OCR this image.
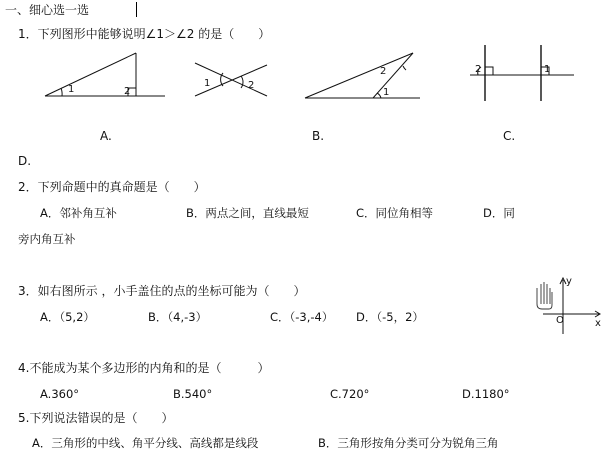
一、细心选一选
1．下列图形中能够说明∠1＞∠2 的是（　　）
1	2
1	2
2
1
2	1
A.	B.	C.
D.
2．下列命题中的真命题是（　　）
A．邻补角互补	B．两点之间，直线最短	C．同位角相等	D．同
旁内角互补
3．如右图所示 ，小手盖住的点的坐标可能为（　　）
A．（5,2）	B．（4,-3）	C．（-3,-4） D．（-5，2）
y
x
O
4.不能成为某个多边形的内角和的是（　　　）
A.360°	B.540°	C.720°	D.1180°
5.下列说法错误的是（　　）
A．三角形的中线、角平分线、高线都是线段	B．三角形按角分类可分为锐角三角
